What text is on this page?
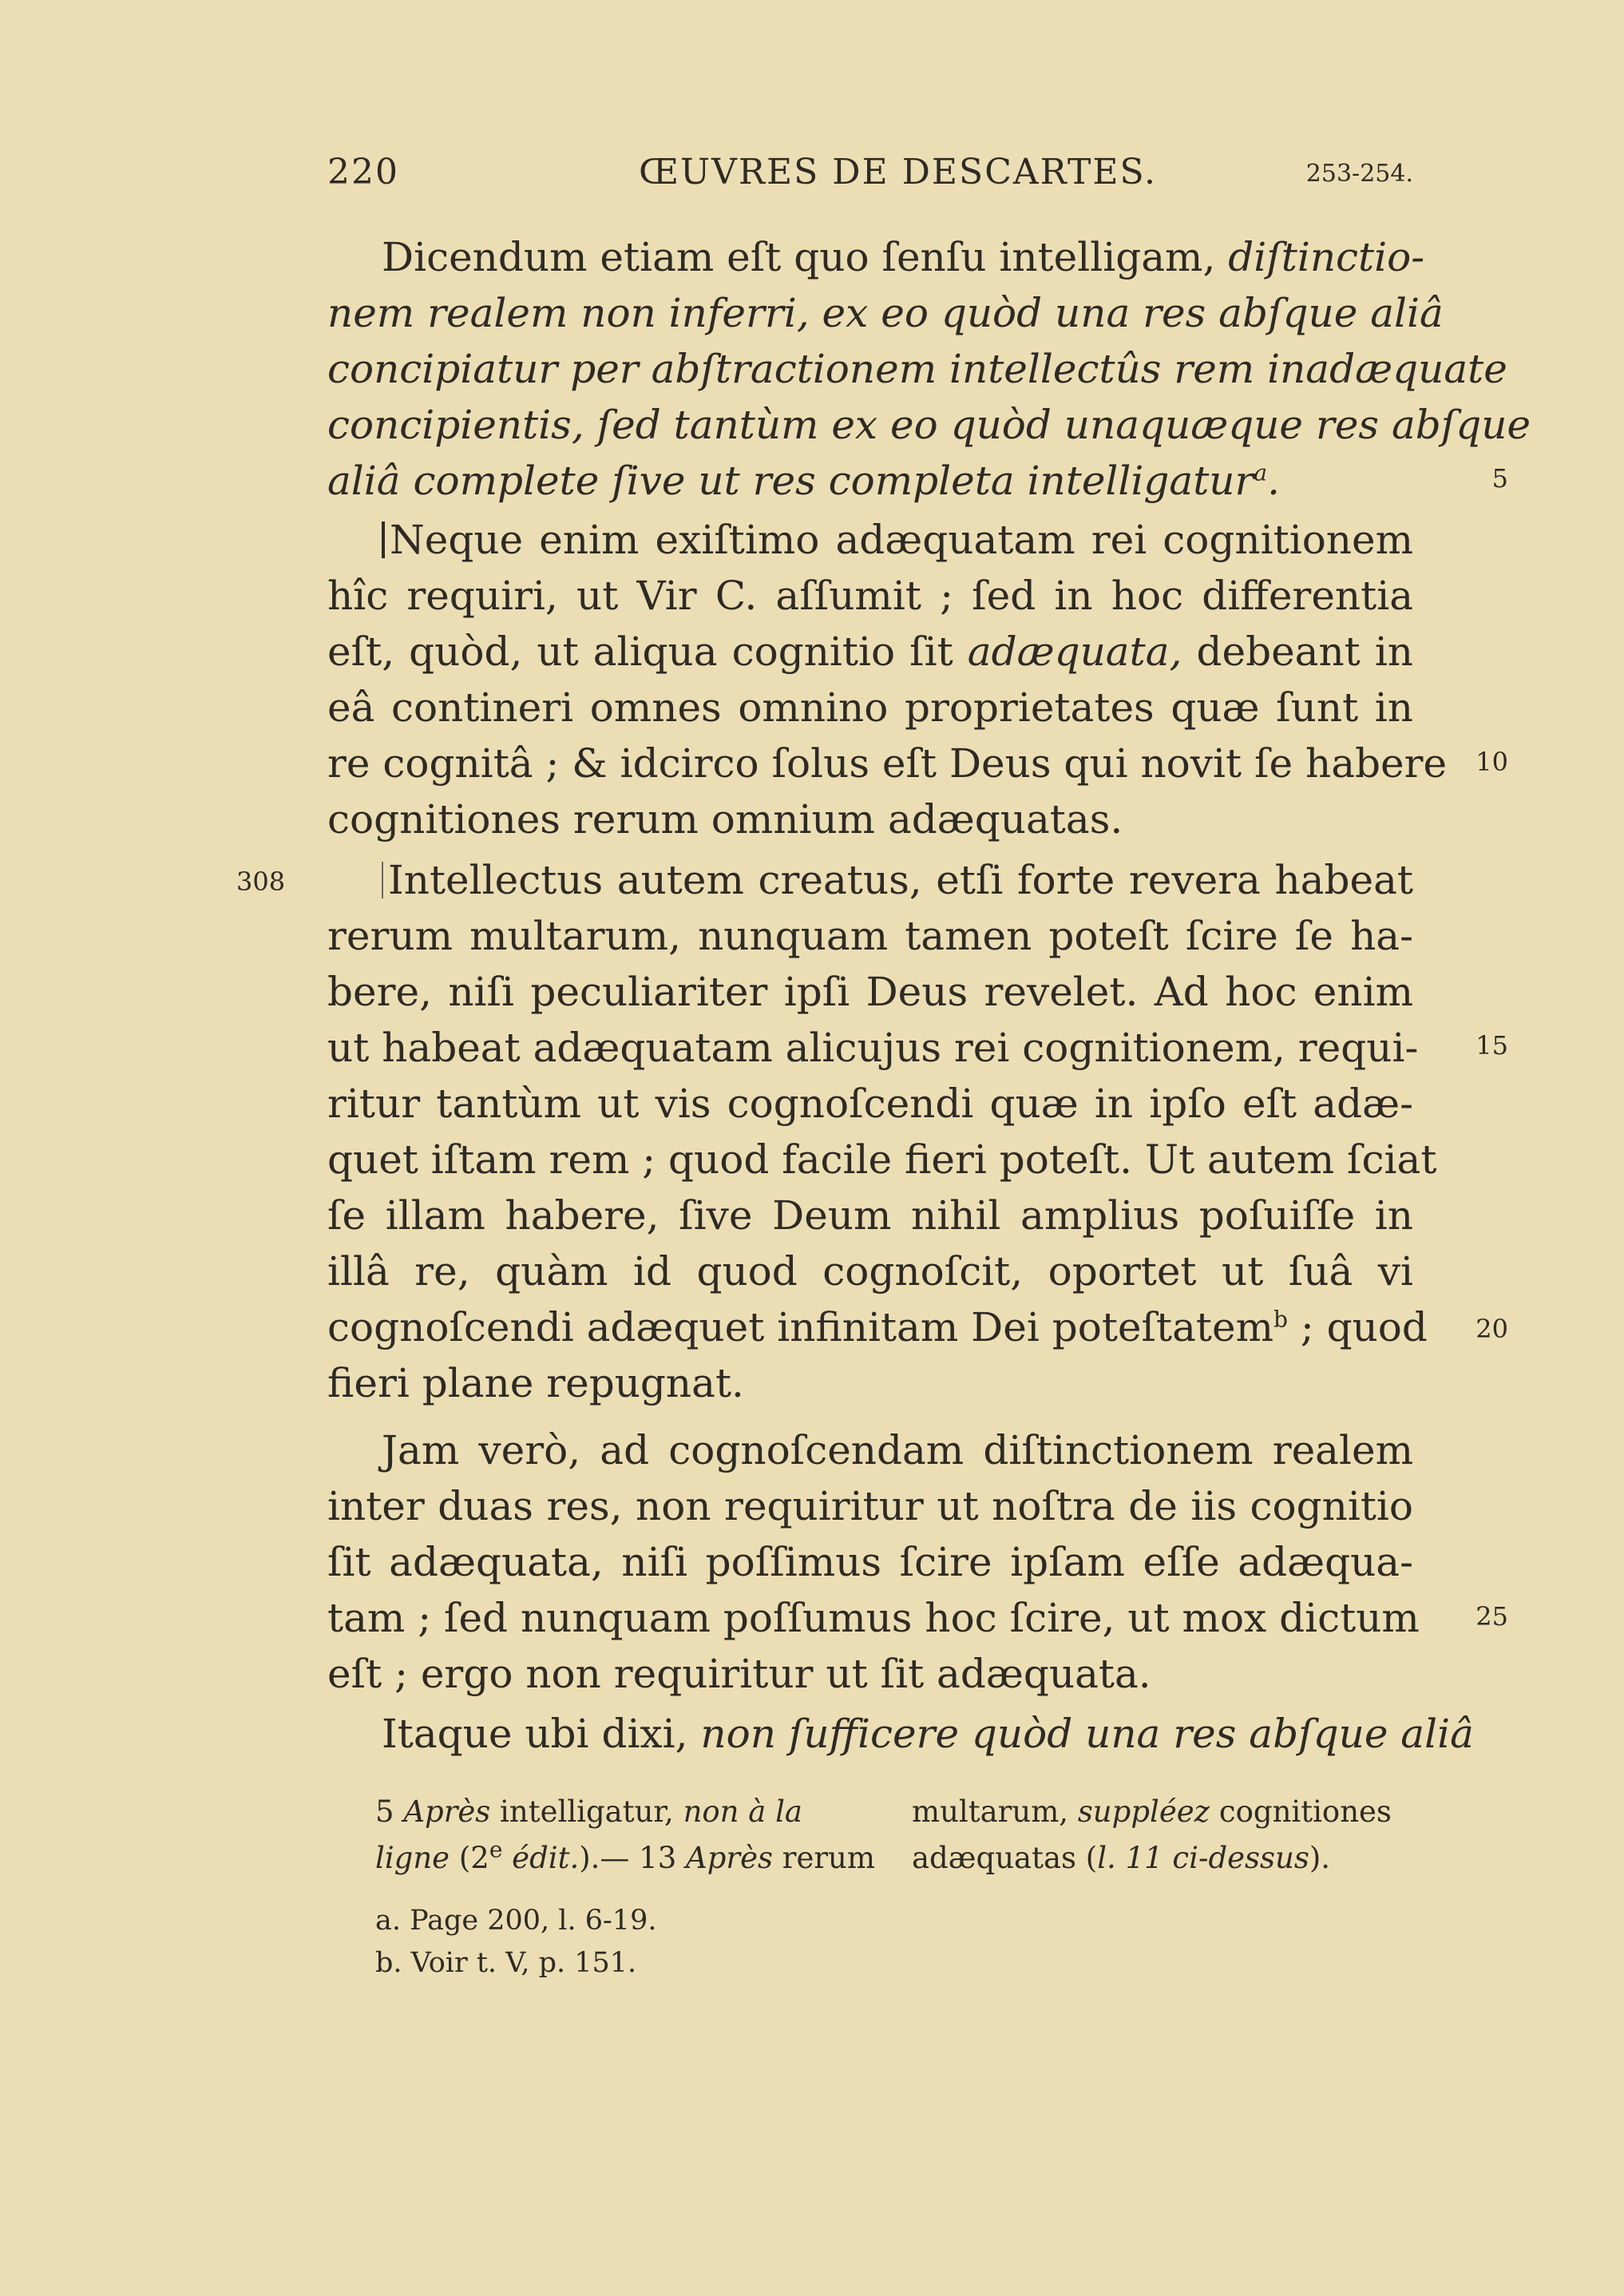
220	ŒUVRES DE DESCARTES.	253-254.
Dicendum etiam eſt quo ſenſu intelligam, diſtinctio-
nem realem non inferri, ex eo quòd una res abſque aliâ
concipiatur per abſtractionem intellectûs rem inadæquate
concipientis, ſed tantùm ex eo quòd unaquæque res abſque
aliâ complete ſive ut res completa intelligatur$^a$.	5
Neque enim exiſtimo adæquatam rei cognitionem
hîc requiri, ut Vir C. aſſumit ; ſed in hoc differentia
eſt, quòd, ut aliqua cognitio ſit adæquata, debeant in
eâ contineri omnes omnino proprietates quæ ſunt in
re cognitâ ; & idcirco ſolus eſt Deus qui novit ſe habere 10
cognitiones rerum omnium adæquatas.
308	Intellectus autem creatus, etſi forte revera habeat
rerum multarum, nunquam tamen poteſt ſcire ſe ha-
bere, niſi peculiariter ipſi Deus revelet. Ad hoc enim
ut habeat adæquatam alicujus rei cognitionem, requi- 15
ritur tantùm ut vis cognoſcendi quæ in ipſo eſt adæ-
quet iſtam rem ; quod facile fieri poteſt. Ut autem ſciat
ſe illam habere, ſive Deum nihil amplius poſuiſſe in
illâ re, quàm id quod cognoſcit, oportet ut ſuâ vi
cognoſcendi adæquet infinitam Dei poteſtatem$^b$ ; quod 20
fieri plane repugnat.
Jam verò, ad cognoſcendam diſtinctionem realem
inter duas res, non requiritur ut noſtra de iis cognitio
ſit adæquata, niſi poſſimus ſcire ipſam eſſe adæqua-
tam ; ſed nunquam poſſumus hoc ſcire, ut mox dictum 25
eſt ; ergo non requiritur ut ſit adæquata.
Itaque ubi dixi, non ſufficere quòd una res abſque aliâ
5 Après intelligatur, non à la
ligne (2e édit.).— 13 Après rerum
multarum, suppléez cognitiones
adæquatas (l. 11 ci-dessus).
a. Page 200, l. 6-19.
b. Voir t. V, p. 151.
